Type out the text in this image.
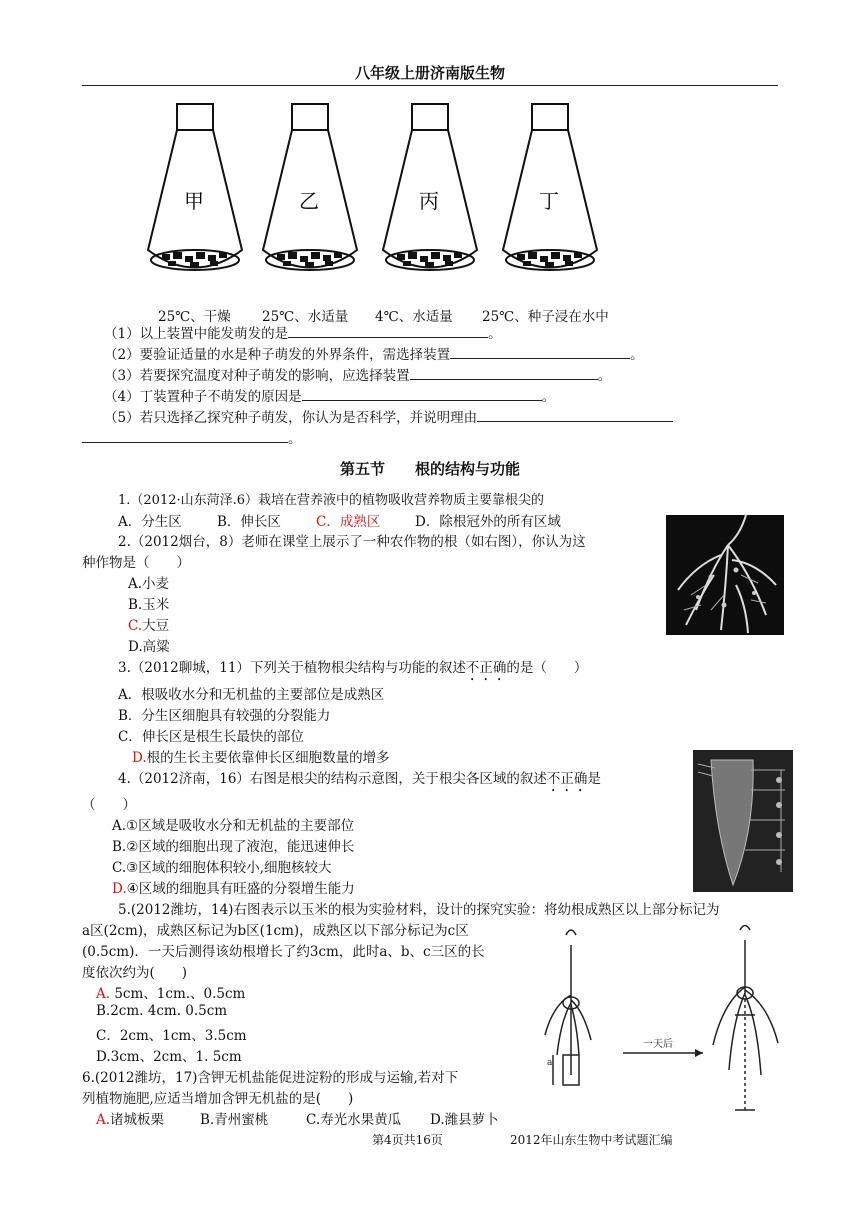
八年级上册济南版生物
甲	乙	丙	丁
25℃、干燥 25℃、水适量 4℃、水适量 25℃、种子浸在水中
（1）以上装置中能发萌发的是	。
（2）要验证适量的水是种子萌发的外界条件，需选择装置	。
（3）若要探究温度对种子萌发的影响，应选择装置	。
（4）丁装置种子不萌发的原因是	。
（5）若只选择乙探究种子萌发，你认为是否科学，并说明理由
。
第五节　　根的结构与功能
1.（2012·山东菏泽.6）栽培在营养液中的植物吸收营养物质主要靠根尖的
A．分生区	B．伸长区	C．成熟区	D．除根冠外的所有区域
2.（2012烟台，8）老师在课堂上展示了一种农作物的根（如右图），你认为这
种作物是（　　）
A.小麦
B.玉米
C.大豆
D.高粱
3.（2012聊城，11）下列关于植物根尖结构与功能的叙述不正确的是（　　）
A．根吸收水分和无机盐的主要部位是成熟区
B．分生区细胞具有较强的分裂能力
C．伸长区是根生长最快的部位
D.根的生长主要依靠伸长区细胞数量的增多
4.（2012济南，16）右图是根尖的结构示意图，关于根尖各区域的叙述不正确是
（　　）
A.①区域是吸收水分和无机盐的主要部位
B.②区域的细胞出现了液泡，能迅速伸长
C.③区域的细胞体积较小,细胞核较大
D.④区域的细胞具有旺盛的分裂增生能力
5.(2012潍坊，14)右图表示以玉米的根为实验材料，设计的探究实验：将幼根成熟区以上部分标记为
a区(2cm)，成熟区标记为b区(1cm)，成熟区以下部分标记为c区
(0.5cm)．一天后测得该幼根增长了约3cm，此时a、b、c三区的长
度依次约为(　　)
A. 5cm、1cm.、0.5cm
B.2cm. 4cm. 0.5cm
C．2cm、1cm、3.5cm
D.3cm、2cm、1. 5cm	a
一天后
6.(2012潍坊，17)含钾无机盐能促进淀粉的形成与运输,若对下
列植物施肥,应适当增加含钾无机盐的是(　　)
A.诸城板栗	B.青州蜜桃	C.寿光水果黄瓜 D.潍县萝卜
第4页共16页	2012年山东生物中考试题汇编
